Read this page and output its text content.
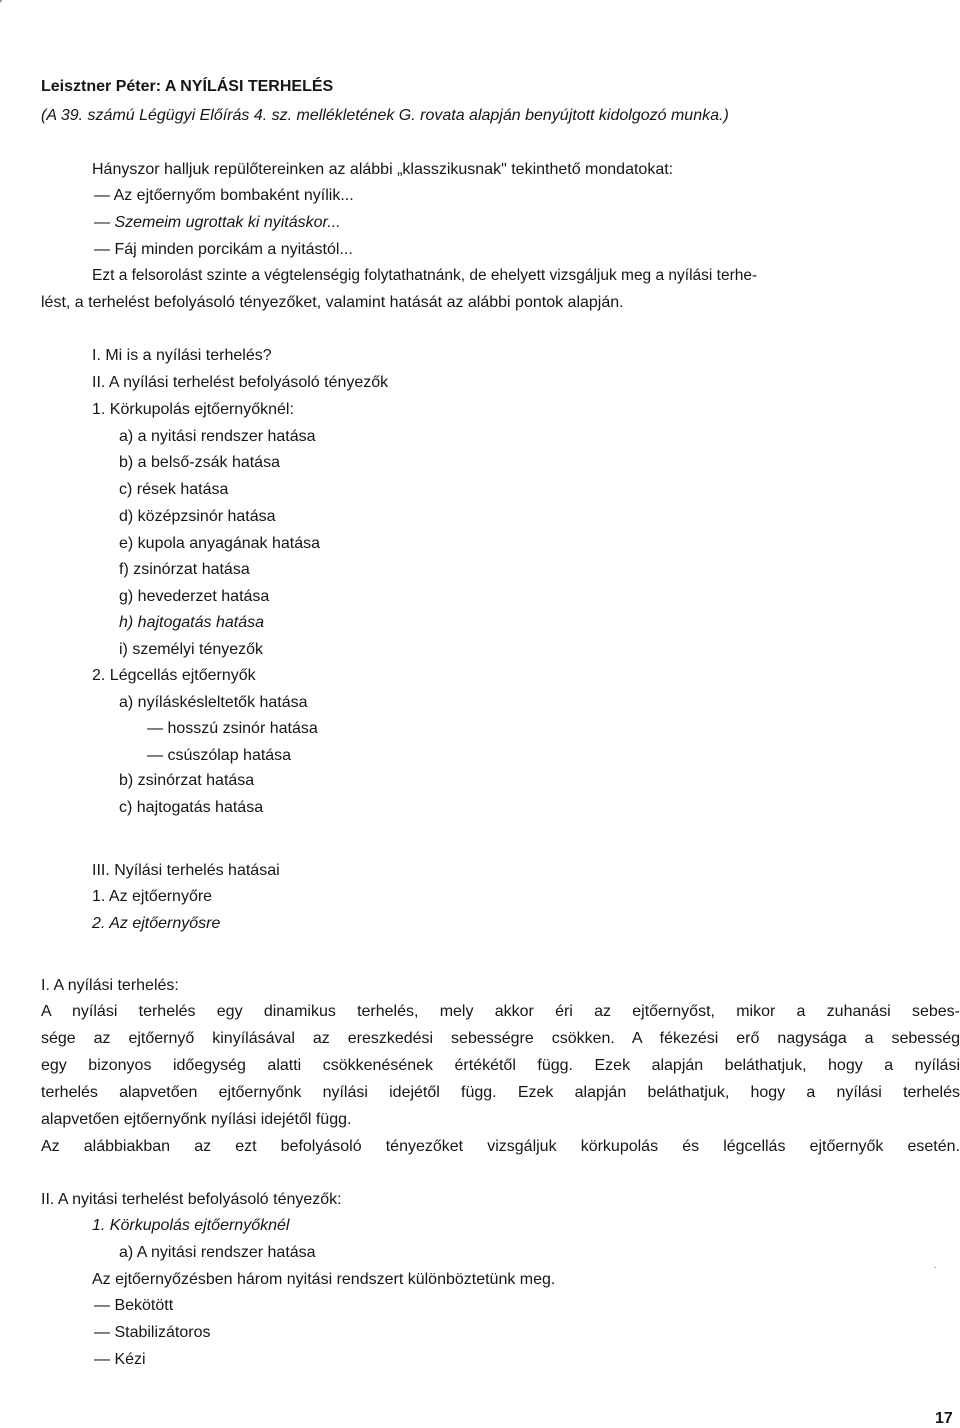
'
Leisztner Péter: A NYÍLÁSI TERHELÉS
(A 39. számú Légügyi Előírás 4. sz. mellékletének G. rovata alapján benyújtott kidolgozó munka.)
Hányszor halljuk repülőtereinken az alábbi „klasszikusnak" tekinthető mondatokat:
— Az ejtőernyőm bombaként nyílik...
— Szemeim ugrottak ki nyitáskor...
— Fáj minden porcikám a nyitástól...
Ezt a felsorolást szinte a végtelenségig folytathatnánk, de ehelyett vizsgáljuk meg a nyílási terhe-
lést, a terhelést befolyásoló tényezőket, valamint hatását az alábbi pontok alapján.
I. Mi is a nyílási terhelés?
II. A nyílási terhelést befolyásoló tényezők
1. Körkupolás ejtőernyőknél:
a) a nyitási rendszer hatása
b) a belső-zsák hatása
c) rések hatása
d) középzsinór hatása
e) kupola anyagának hatása
f) zsinórzat hatása
g) hevederzet hatása
h) hajtogatás hatása
i) személyi tényezők
2. Légcellás ejtőernyők
a) nyíláskésleltetők hatása
— hosszú zsinór hatása
— csúszólap hatása
b) zsinórzat hatása
c) hajtogatás hatása
III. Nyílási terhelés hatásai
1. Az ejtőernyőre
2. Az ejtőernyősre
I. A nyílási terhelés:
A nyílási terhelés egy dinamikus terhelés, mely akkor éri az ejtőernyőst, mikor a zuhanási sebes-
sége az ejtőernyő kinyílásával az ereszkedési sebességre csökken. A fékezési erő nagysága a sebesség
egy bizonyos időegység alatti csökkenésének értékétől függ. Ezek alapján beláthatjuk, hogy a nyílási
terhelés alapvetően ejtőernyőnk nyílási idejétől függ. Ezek alapján beláthatjuk, hogy a nyílási terhelés
alapvetően ejtőernyőnk nyílási idejétől függ.
Az alábbiakban az ezt befolyásoló tényezőket vizsgáljuk körkupolás és légcellás ejtőernyők esetén.
II. A nyitási terhelést befolyásoló tényezők:
1. Körkupolás ejtőernyőknél
a) A nyitási rendszer hatása
Az ejtőernyőzésben három nyitási rendszert különböztetünk meg.
— Bekötött
— Stabilizátoros
— Kézi
.
17
